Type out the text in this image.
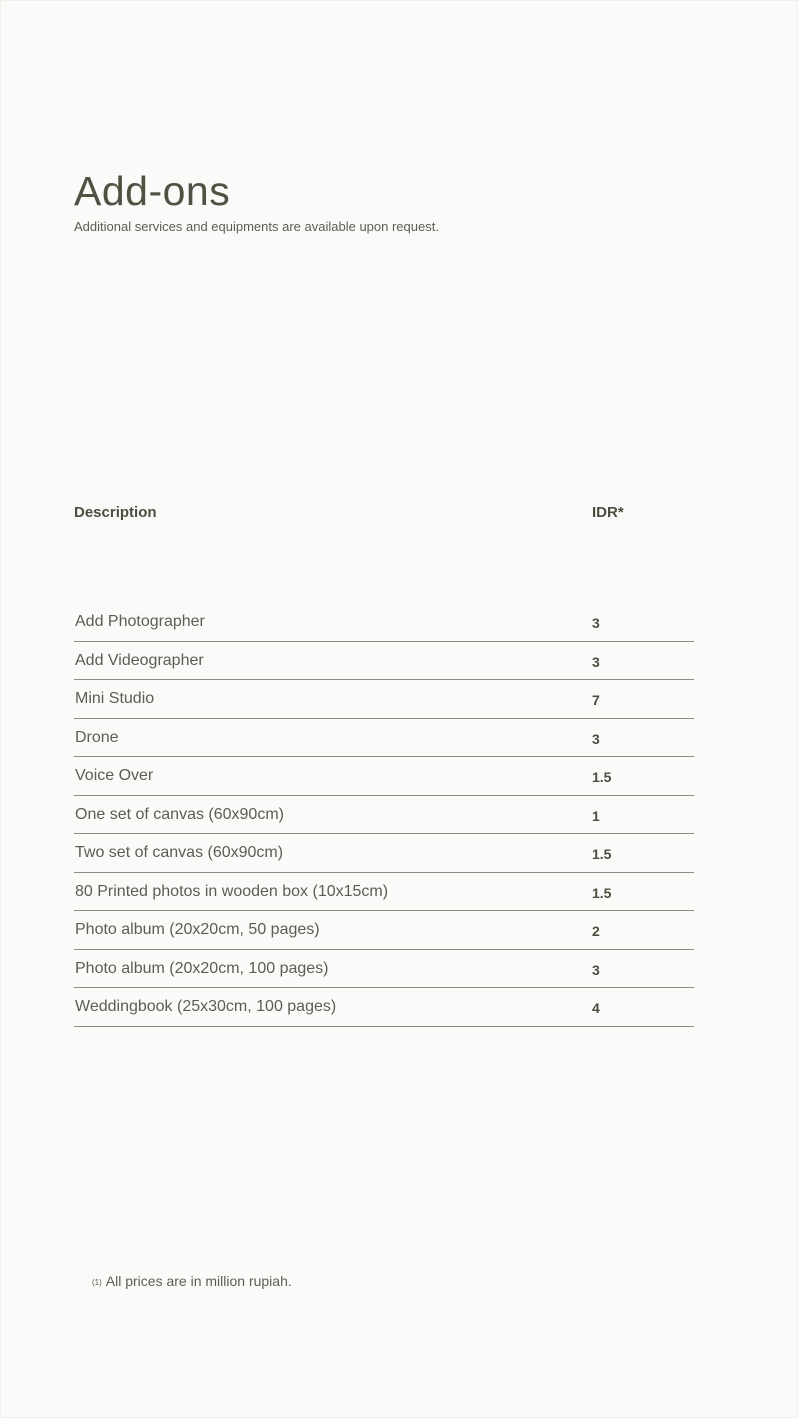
Add-ons
Additional services and equipments are available upon request.
Description	IDR*
Add Photographer	3
Add Videographer	3
Mini Studio	7
Drone	3
Voice Over	1.5
One set of canvas (60x90cm)	1
Two set of canvas (60x90cm)	1.5
80 Printed photos in wooden box (10x15cm)	1.5
Photo album (20x20cm, 50 pages)	2
Photo album (20x20cm, 100 pages)	3
Weddingbook (25x30cm, 100 pages)	4
(1) All prices are in million rupiah.
